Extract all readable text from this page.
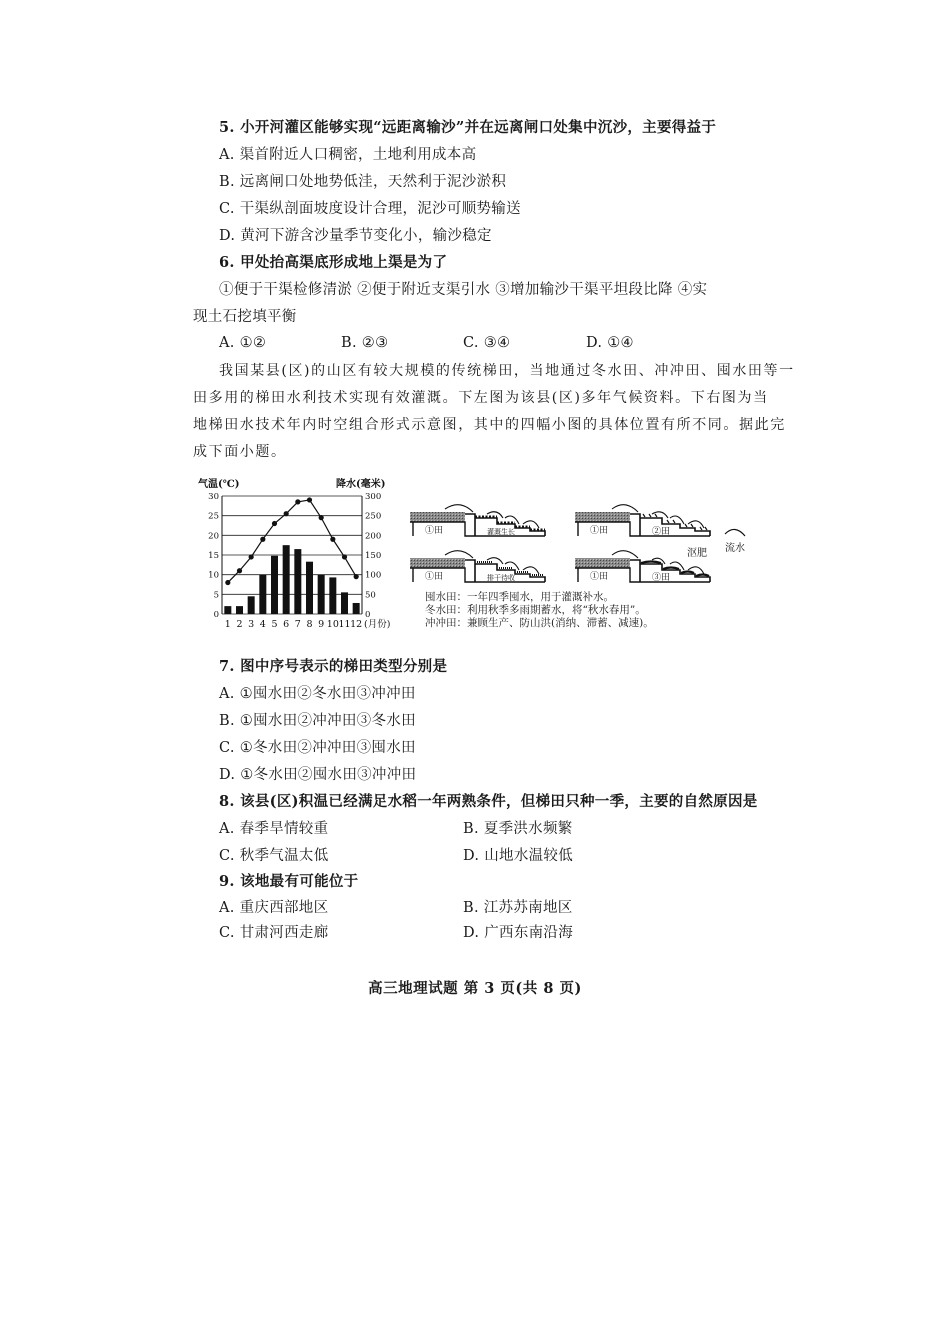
5. 小开河灌区能够实现“远距离输沙”并在远离闸口处集中沉沙，主要得益于
A. 渠首附近人口稠密，土地利用成本高
B. 远离闸口处地势低洼，天然利于泥沙淤积
C. 干渠纵剖面坡度设计合理，泥沙可顺势输送
D. 黄河下游含沙量季节变化小，输沙稳定
6. 甲处抬高渠底形成地上渠是为了
①便于干渠检修清淤 ②便于附近支渠引水 ③增加输沙干渠平坦段比降 ④实
现土石挖填平衡
A. ①②	B. ②③	C. ③④	D. ①④
我国某县(区)的山区有较大规模的传统梯田，当地通过冬水田、冲冲田、囤水田等一
田多用的梯田水利技术实现有效灌溉。下左图为该县(区)多年气候资料。下右图为当
地梯田水技术年内时空组合形式示意图，其中的四幅小图的具体位置有所不同。据此完
成下面小题。
气温(℃)	降水(毫米)
0	0
5	50
10	100
15	150
20	200
25	250
30	300
1 2 3 4 5 6 7 8 9 10 11 12 (月份)
①田	灌溉生长
①田	排干待收
①田	②田
①田	③田
沤肥 流水
囤水田：一年四季囤水，用于灌溉补水。
冬水田：利用秋季多雨期蓄水，将“秋水春用”。
冲冲田：兼顾生产、防山洪(消纳、滞蓄、减速)。
7. 图中序号表示的梯田类型分别是
A. ①囤水田②冬水田③冲冲田
B. ①囤水田②冲冲田③冬水田
C. ①冬水田②冲冲田③囤水田
D. ①冬水田②囤水田③冲冲田
8. 该县(区)积温已经满足水稻一年两熟条件，但梯田只种一季，主要的自然原因是
A. 春季旱情较重	B. 夏季洪水频繁
C. 秋季气温太低	D. 山地水温较低
9. 该地最有可能位于
A. 重庆西部地区	B. 江苏苏南地区
C. 甘肃河西走廊	D. 广西东南沿海
高三地理试题 第 3 页(共 8 页)
